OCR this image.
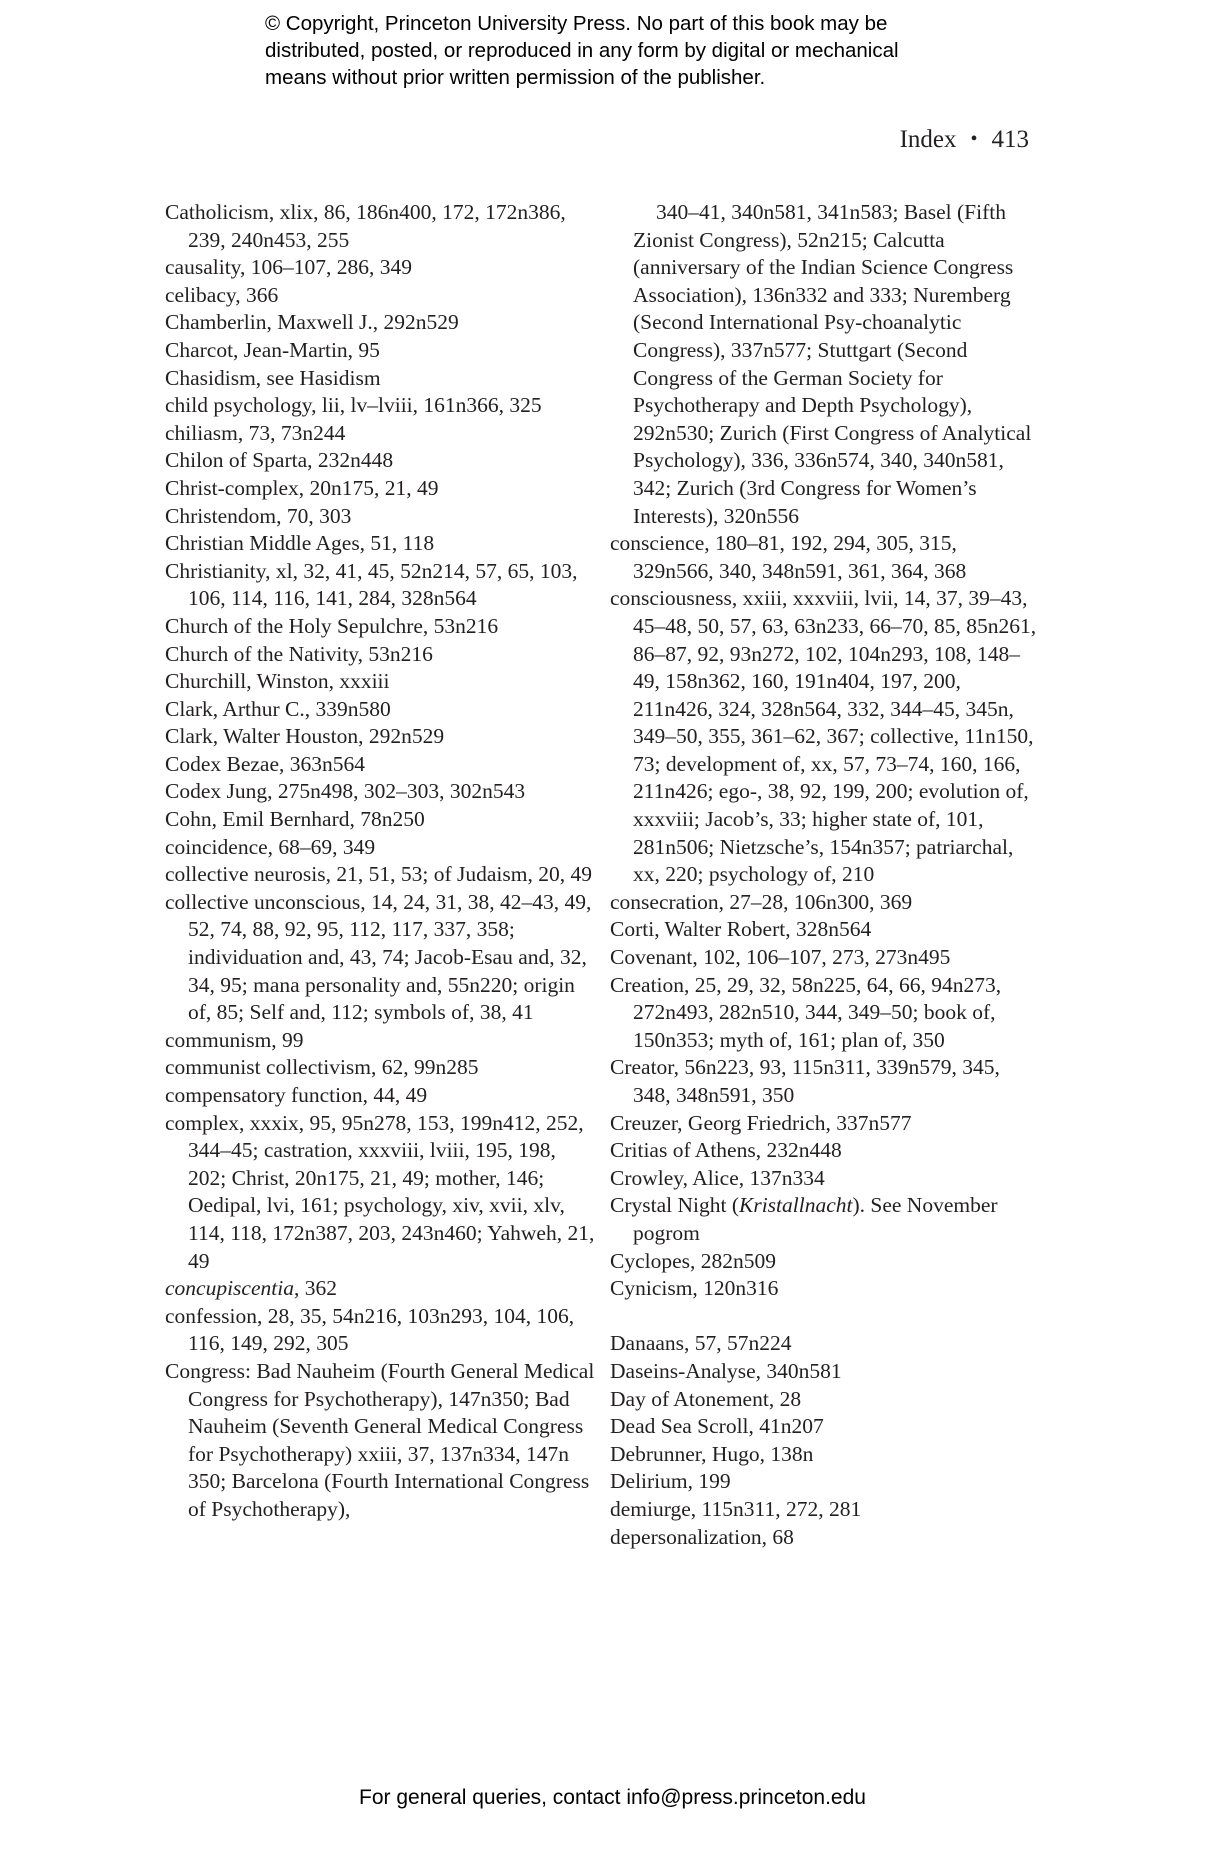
© Copyright, Princeton University Press. No part of this book may be
distributed, posted, or reproduced in any form by digital or mechanical
means without prior written permission of the publisher.
Index • 413
Catholicism, xlix, 86, 186n400, 172, 172n386, 239, 240n453, 255
causality, 106–107, 286, 349
celibacy, 366
Chamberlin, Maxwell J., 292n529
Charcot, Jean-Martin, 95
Chasidism, see Hasidism
child psychology, lii, lv–lviii, 161n366, 325
chiliasm, 73, 73n244
Chilon of Sparta, 232n448
Christ-complex, 20n175, 21, 49
Christendom, 70, 303
Christian Middle Ages, 51, 118
Christianity, xl, 32, 41, 45, 52n214, 57, 65, 103, 106, 114, 116, 141, 284, 328n564
Church of the Holy Sepulchre, 53n216
Church of the Nativity, 53n216
Churchill, Winston, xxxiii
Clark, Arthur C., 339n580
Clark, Walter Houston, 292n529
Codex Bezae, 363n564
Codex Jung, 275n498, 302–303, 302n543
Cohn, Emil Bernhard, 78n250
coincidence, 68–69, 349
collective neurosis, 21, 51, 53; of Judaism, 20, 49
collective unconscious, 14, 24, 31, 38, 42–43, 49, 52, 74, 88, 92, 95, 112, 117, 337, 358; individuation and, 43, 74; Jacob-Esau and, 32, 34, 95; mana personality and, 55n220; origin of, 85; Self and, 112; symbols of, 38, 41
communism, 99
communist collectivism, 62, 99n285
compensatory function, 44, 49
complex, xxxix, 95, 95n278, 153, 199n412, 252, 344–45; castration, xxxviii, lviii, 195, 198, 202; Christ, 20n175, 21, 49; mother, 146; Oedipal, lvi, 161; psychology, xiv, xvii, xlv, 114, 118, 172n387, 203, 243n460; Yahweh, 21, 49
concupiscentia, 362
confession, 28, 35, 54n216, 103n293, 104, 106, 116, 149, 292, 305
Congress: Bad Nauheim (Fourth General Medical Congress for Psychotherapy), 147n350; Bad Nauheim (Seventh General Medical Congress for Psychotherapy) xxiii, 37, 137n334, 147n 350; Barcelona (Fourth International Congress of Psychotherapy),
340–41, 340n581, 341n583; Basel (Fifth Zionist Congress), 52n215; Calcutta (anniversary of the Indian Science Congress Association), 136n332 and 333; Nuremberg (Second International Psy-choanalytic Congress), 337n577; Stuttgart (Second Congress of the German Society for Psychotherapy and Depth Psychology), 292n530; Zurich (First Congress of Analytical Psychology), 336, 336n574, 340, 340n581, 342; Zurich (3rd Congress for Women’s Interests), 320n556
conscience, 180–81, 192, 294, 305, 315, 329n566, 340, 348n591, 361, 364, 368
consciousness, xxiii, xxxviii, lvii, 14, 37, 39–43, 45–48, 50, 57, 63, 63n233, 66–70, 85, 85n261, 86–87, 92, 93n272, 102, 104n293, 108, 148–49, 158n362, 160, 191n404, 197, 200, 211n426, 324, 328n564, 332, 344–45, 345n, 349–50, 355, 361–62, 367; collective, 11n150, 73; development of, xx, 57, 73–74, 160, 166, 211n426; ego-, 38, 92, 199, 200; evolution of, xxxviii; Jacob’s, 33; higher state of, 101, 281n506; Nietzsche’s, 154n357; patriarchal, xx, 220; psychology of, 210
consecration, 27–28, 106n300, 369
Corti, Walter Robert, 328n564
Covenant, 102, 106–107, 273, 273n495
Creation, 25, 29, 32, 58n225, 64, 66, 94n273, 272n493, 282n510, 344, 349–50; book of, 150n353; myth of, 161; plan of, 350
Creator, 56n223, 93, 115n311, 339n579, 345, 348, 348n591, 350
Creuzer, Georg Friedrich, 337n577
Critias of Athens, 232n448
Crowley, Alice, 137n334
Crystal Night (Kristallnacht). See November pogrom
Cyclopes, 282n509
Cynicism, 120n316
Danaans, 57, 57n224
Daseins-Analyse, 340n581
Day of Atonement, 28
Dead Sea Scroll, 41n207
Debrunner, Hugo, 138n
Delirium, 199
demiurge, 115n311, 272, 281
depersonalization, 68
For general queries, contact info@press.princeton.edu
